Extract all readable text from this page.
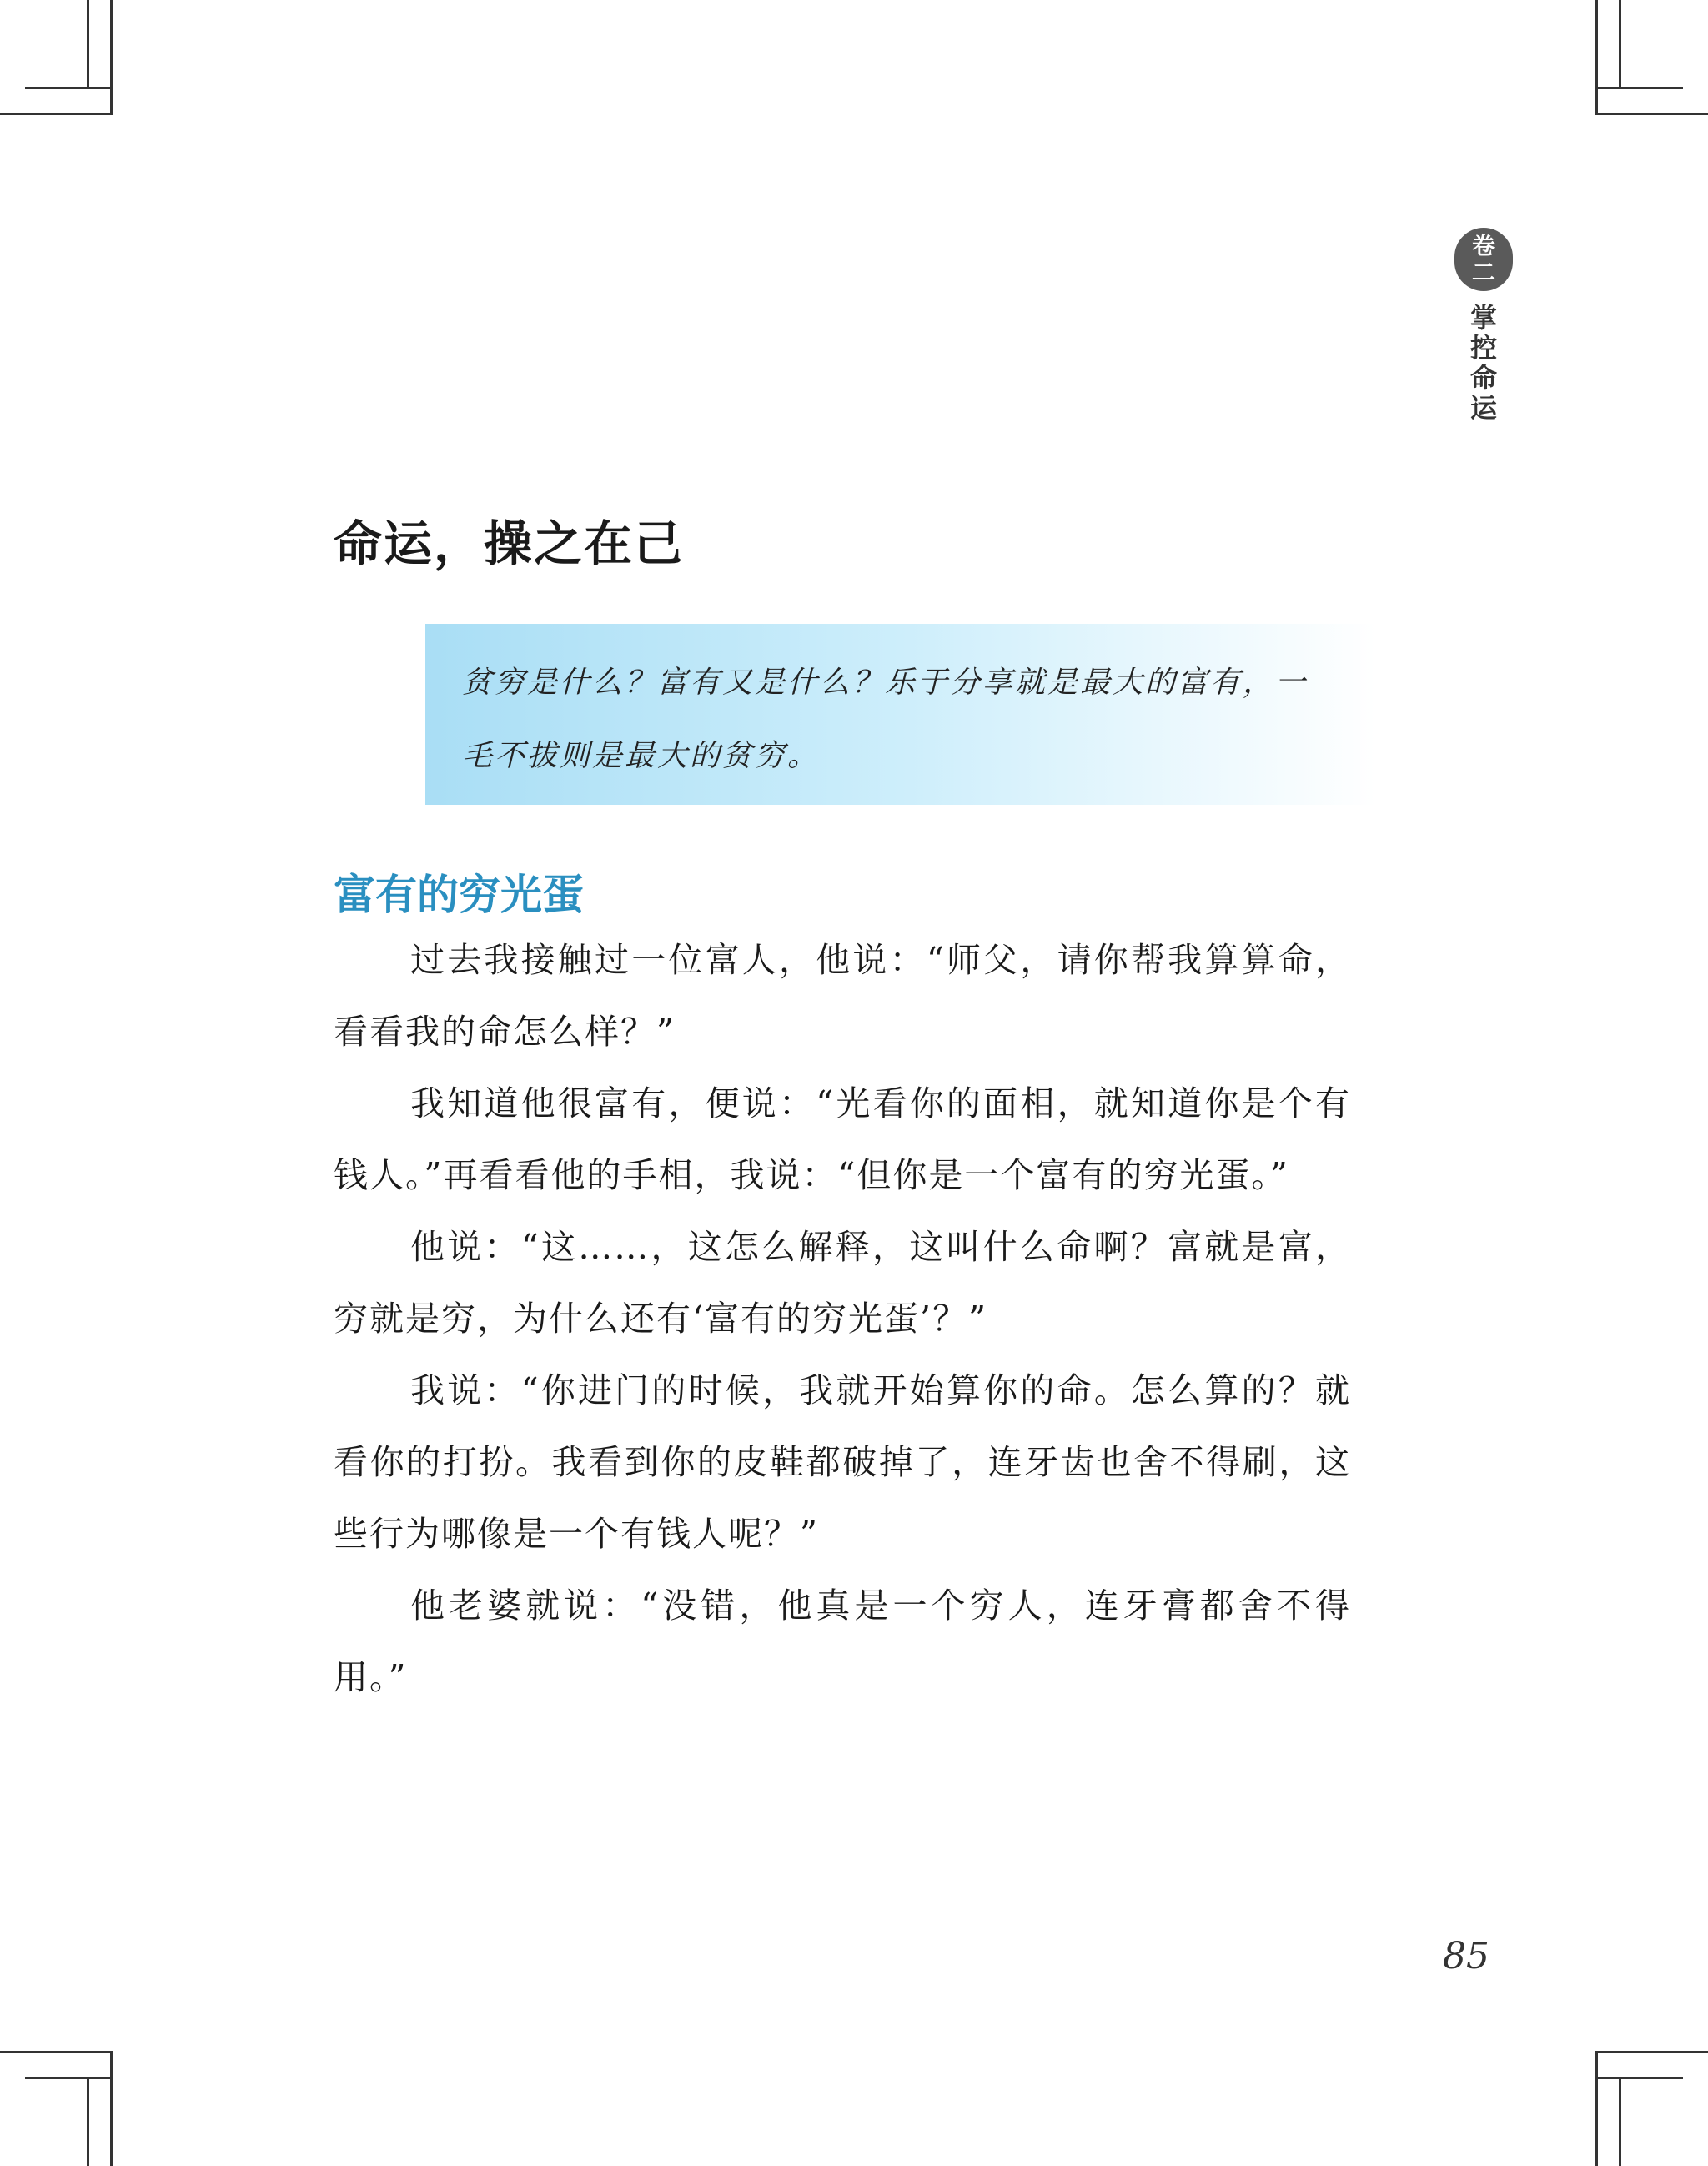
卷
二
掌
控
命
运
命运，操之在己

贫穷是什么？富有又是什么？乐于分享就是最大的富有，一毛不拔则是最大的贫穷。

富有的穷光蛋

过去我接触过一位富人，他说：“师父，请你帮我算算命，看看我的命怎么样？”

我知道他很富有，便说：“光看你的面相，就知道你是个有钱人。”再看看他的手相，我说：“但你是一个富有的穷光蛋。”

他说：“这……，这怎么解释，这叫什么命啊？富就是富，穷就是穷，为什么还有‘富有的穷光蛋’？”

我说：“你进门的时候，我就开始算你的命。怎么算的？就看你的打扮。我看到你的皮鞋都破掉了，连牙齿也舍不得刷，这些行为哪像是一个有钱人呢？”

他老婆就说：“没错，他真是一个穷人，连牙膏都舍不得用。”

85
